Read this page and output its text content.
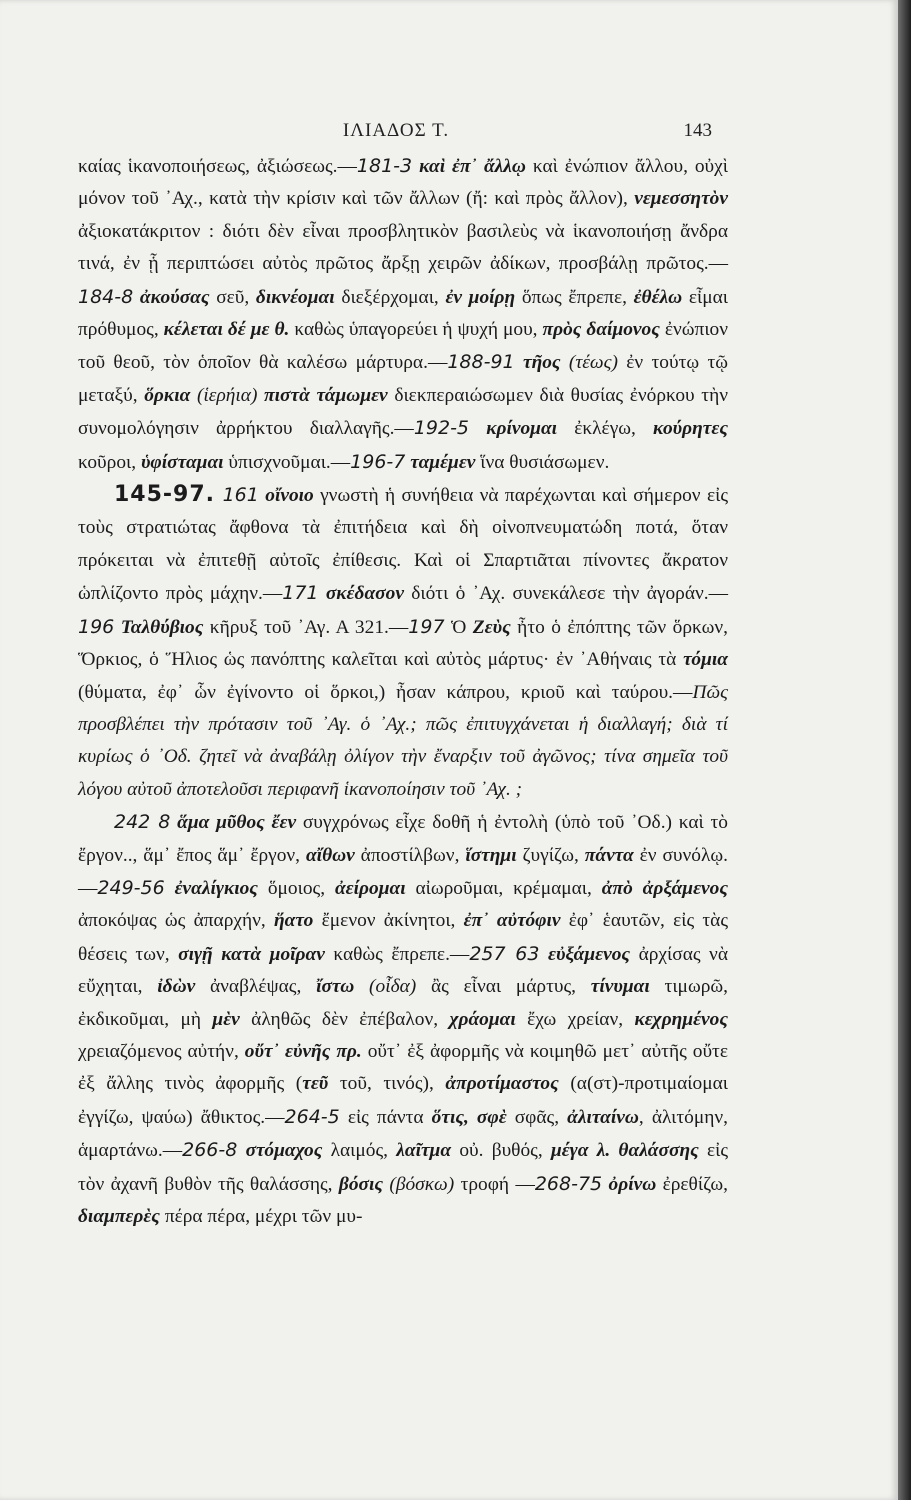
ΙΛΙΑΔΟΣ Τ.	143

καίας ἱκανοποιήσεως, ἀξιώσεως.—181-3 καὶ ἐπ᾿ ἄλλῳ καὶ ἐνώπιον ἄλλου, οὐχὶ μόνον τοῦ ᾿Αχ., κατὰ τὴν κρίσιν καὶ τῶν ἄλλων (ἤ: καὶ πρὸς ἄλλον), νεμεσσητὸν ἀξιοκατάκριτον : διότι δὲν εἶναι προσβλητικὸν βασιλεὺς νὰ ἱκανοποιήσῃ ἄνδρα τινά, ἐν ᾗ περιπτώσει αὐτὸς πρῶτος ἄρξῃ χειρῶν ἀδίκων, προσβάλῃ πρῶτος.— 184-8 ἀκούσας σεῦ, δικνέομαι διεξέρχομαι, ἐν μοίρῃ ὅπως ἔπρεπε, ἐθέλω εἶμαι πρόθυμος, κέλεται δέ με θ. καθὼς ὑπαγορεύει ἡ ψυχή μου, πρὸς δαίμονος ἐνώπιον τοῦ θεοῦ, τὸν ὁποῖον θὰ καλέσω μάρτυρα.—188-91 τῆος (τέως) ἐν τούτῳ τῷ μεταξύ, ὅρκια (ἱερήια) πιστὰ τάμωμεν διεκπεραιώσωμεν διὰ θυσίας ἐνόρκου τὴν συνομολόγησιν ἀρρήκτου διαλλαγῆς.—192-5 κρίνομαι ἐκλέγω, κούρητες κοῦροι, ὑφίσταμαι ὑπισχνοῦμαι.—196-7 ταμέμεν ἵνα θυσιάσωμεν.

145-97. 161 οἴνοιο γνωστὴ ἡ συνήθεια νὰ παρέχωνται καὶ σήμερον εἰς τοὺς στρατιώτας ἄφθονα τὰ ἐπιτήδεια καὶ δὴ οἰνοπνευματώδη ποτά, ὅταν πρόκειται νὰ ἐπιτεθῇ αὐτοῖς ἐπίθεσις. Καὶ οἱ Σπαρτιᾶται πίνοντες ἄκρατον ὡπλίζοντο πρὸς μάχην.—171 σκέδασον διότι ὁ ᾿Αχ. συνεκάλεσε τὴν ἀγοράν.—196 Ταλθύβιος κῆρυξ τοῦ ᾿Αγ. Α 321.—197 Ὁ Ζεὺς ἦτο ὁ ἐπόπτης τῶν ὅρκων, Ὅρκιος, ὁ Ἥλιος ὡς πανόπτης καλεῖται καὶ αὐτὸς μάρτυς· ἐν ᾿Αθήναις τὰ τόμια (θύματα, ἐφ᾿ ὧν ἐγίνοντο οἱ ὅρκοι,) ἦσαν κάπρου, κριοῦ καὶ ταύρου.—Πῶς προσβλέπει τὴν πρότασιν τοῦ ᾿Αγ. ὁ ᾿Αχ.; πῶς ἐπιτυγχάνεται ἡ διαλλαγή; διὰ τί κυρίως ὁ ᾿Οδ. ζητεῖ νὰ ἀναβάλῃ ὀλίγον τὴν ἔναρξιν τοῦ ἀγῶνος; τίνα σημεῖα τοῦ λόγου αὐτοῦ ἀποτελοῦσι περιφανῆ ἱκανοποίησιν τοῦ ᾿Αχ. ;

242 8 ἅμα μῦθος ἔεν συγχρόνως εἶχε δοθῆ ἡ ἐντολὴ (ὑπὸ τοῦ ᾿Οδ.) καὶ τὸ ἔργον.., ἅμ᾿ ἔπος ἅμ᾿ ἔργον, αἴθων ἀποστίλβων, ἵστημι ζυγίζω, πάντα ἐν συνόλῳ.—249-56 ἐναλίγκιος ὅμοιος, ἀείρομαι αἰωροῦμαι, κρέμαμαι, ἀπὸ ἀρξάμενος ἀποκόψας ὡς ἀπαρχήν, ἥατο ἔμενον ἀκίνητοι, ἐπ᾿ αὐτόφιν ἐφ᾿ ἑαυτῶν, εἰς τὰς θέσεις των, σιγῇ κατὰ μοῖραν καθὼς ἔπρεπε.—257 63 εὐξάμενος ἀρχίσας νὰ εὔχηται, ἰδὼν ἀναβλέψας, ἴστω (οἶδα) ἂς εἶναι μάρτυς, τίνυμαι τιμωρῶ, ἐκδικοῦμαι, μὴ μὲν ἀληθῶς δὲν ἐπέβαλον, χράομαι ἔχω χρείαν, κεχρημένος χρειαζόμενος αὐτήν, οὔτ᾿ εὐνῆς πρ. οὔτ᾿ ἐξ ἀφορμῆς νὰ κοιμηθῶ μετ᾿ αὐτῆς οὔτε ἐξ ἄλλης τινὸς ἀφορμῆς (τεῦ τοῦ, τινός), ἀπροτίμαστος (α(στ)-προτιμαίομαι ἐγγίζω, ψαύω) ἄθικτος.—264-5 εἰς πάντα ὅτις, σφὲ σφᾶς, ἀλιταίνω, ἀλιτόμην, ἁμαρτάνω.—266-8 στόμαχος λαιμός, λαῖτμα οὐ. βυθός, μέγα λ. θαλάσσης εἰς τὸν ἀχανῆ βυθὸν τῆς θαλάσσης, βόσις (βόσκω) τροφή —268-75 ὀρίνω ἐρεθίζω, διαμπερὲς πέρα πέρα, μέχρι τῶν μυ-
